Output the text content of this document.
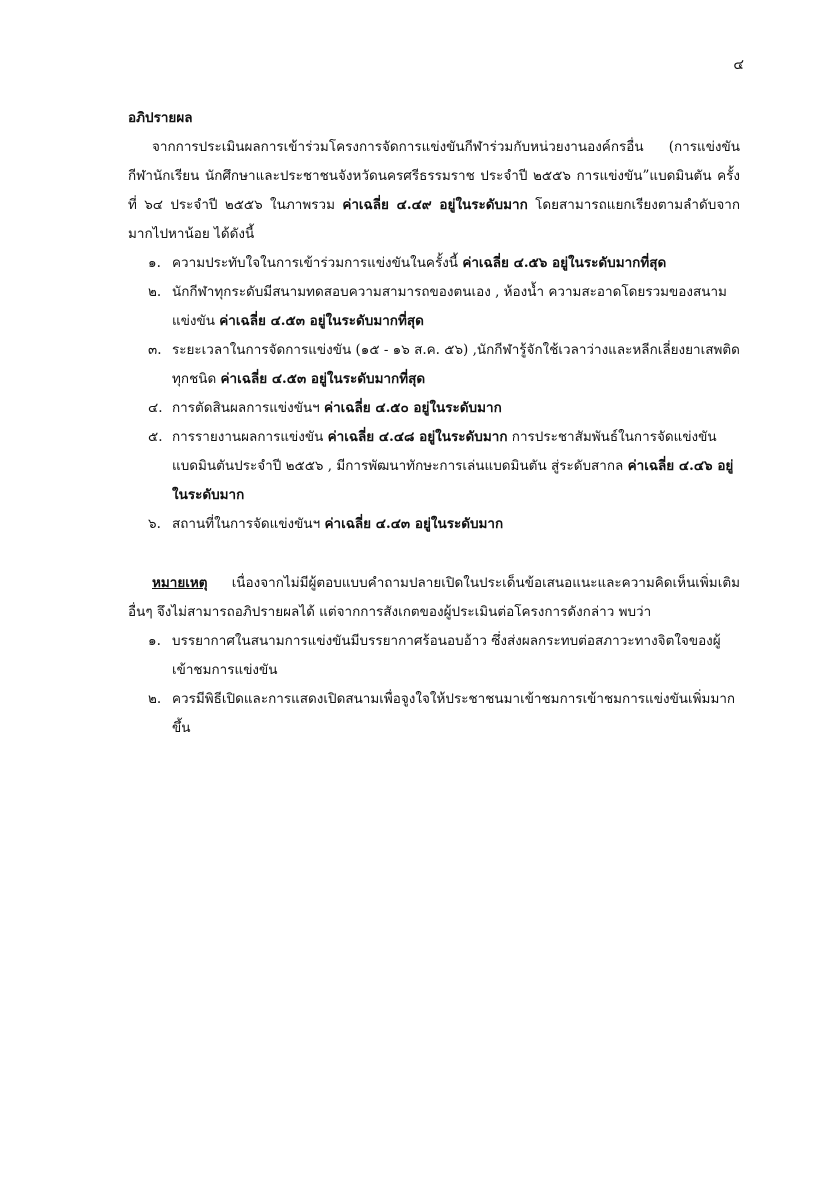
๔

อภิปรายผล

จากการประเมินผลการเข้าร่วมโครงการจัดการแข่งขันกีฬาร่วมกับหน่วยงานองค์กรอื่น (การแข่งขันกีฬานักเรียน นักศึกษาและประชาชนจังหวัดนครศรีธรรมราช ประจำปี ๒๕๕๖ การแข่งขัน”แบดมินตัน ครั้งที่ ๖๔ ประจำปี ๒๕๕๖ ในภาพรวม ค่าเฉลี่ย ๔.๔๙ อยู่ในระดับมาก โดยสามารถแยกเรียงตามลำดับจากมากไปหาน้อย ได้ดังนี้

๑. ความประทับใจในการเข้าร่วมการแข่งขันในครั้งนี้ ค่าเฉลี่ย ๔.๕๖ อยู่ในระดับมากที่สุด
๒. นักกีฬาทุกระดับมีสนามทดสอบความสามารถของตนเอง , ห้องน้ำ ความสะอาดโดยรวมของสนามแข่งขัน ค่าเฉลี่ย ๔.๕๓ อยู่ในระดับมากที่สุด
๓. ระยะเวลาในการจัดการแข่งขัน (๑๕ - ๑๖ ส.ค. ๕๖) ,นักกีฬารู้จักใช้เวลาว่างและหลีกเลี่ยงยาเสพติดทุกชนิด ค่าเฉลี่ย ๔.๕๓ อยู่ในระดับมากที่สุด
๔. การตัดสินผลการแข่งขันฯ ค่าเฉลี่ย ๔.๕๐ อยู่ในระดับมาก
๕. การรายงานผลการแข่งขัน ค่าเฉลี่ย ๔.๔๘ อยู่ในระดับมาก การประชาสัมพันธ์ในการจัดแข่งขันแบดมินตันประจำปี ๒๕๕๖ , มีการพัฒนาทักษะการเล่นแบดมินตัน สู่ระดับสากล ค่าเฉลี่ย ๔.๔๖ อยู่ในระดับมาก
๖. สถานที่ในการจัดแข่งขันฯ ค่าเฉลี่ย ๔.๔๓ อยู่ในระดับมาก

หมายเหตุ เนื่องจากไม่มีผู้ตอบแบบคำถามปลายเปิดในประเด็นข้อเสนอแนะและความคิดเห็นเพิ่มเติม อื่นๆ จึงไม่สามารถอภิปรายผลได้ แต่จากการสังเกตของผู้ประเมินต่อโครงการดังกล่าว พบว่า

๑. บรรยากาศในสนามการแข่งขันมีบรรยากาศร้อนอบอ้าว ซึ่งส่งผลกระทบต่อสภาวะทางจิตใจของผู้เข้าชมการแข่งขัน
๒. ควรมีพิธีเปิดและการแสดงเปิดสนามเพื่อจูงใจให้ประชาชนมาเข้าชมการเข้าชมการแข่งขันเพิ่มมากขึ้น
